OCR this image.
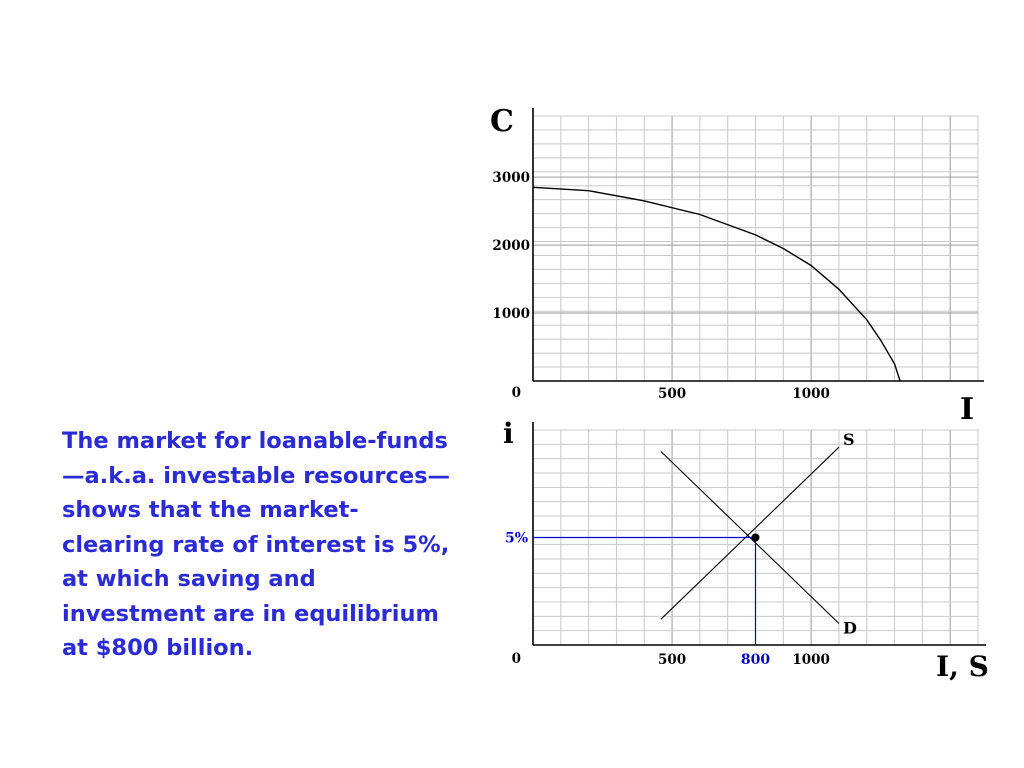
The market for loanable-funds—a.k.a. investable resources—shows that the market-clearing rate of interest is 5%, at which saving and investment are in equilibrium at $800 billion.

1000
2000
3000
0	500	1000
C
I
0	500	1000
i
I, S
S
D
5%
800
